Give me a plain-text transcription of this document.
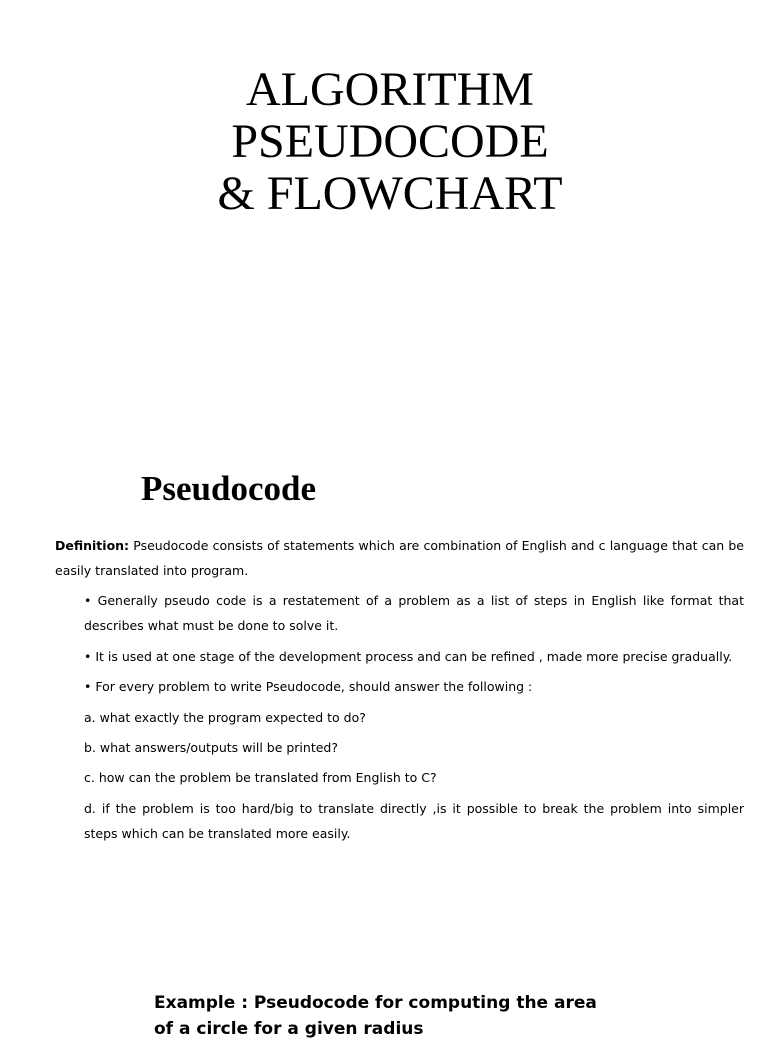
ALGORITHM
PSEUDOCODE
& FLOWCHART
Pseudocode

Definition: Pseudocode consists of statements which are combination of English and c language that can be easily translated into program.

• Generally pseudo code is a restatement of a problem as a list of steps in English like format that describes what must be done to solve it.

• It is used at one stage of the development process and can be refined , made more precise gradually.

• For every problem to write Pseudocode, should answer the following :

a. what exactly the program expected to do?

b. what answers/outputs will be printed?

c. how can the problem be translated from English to C?

d. if the problem is too hard/big to translate directly ,is it possible to break the problem into simpler steps which can be translated more easily.

Example : Pseudocode for computing the area of a circle for a given radius
